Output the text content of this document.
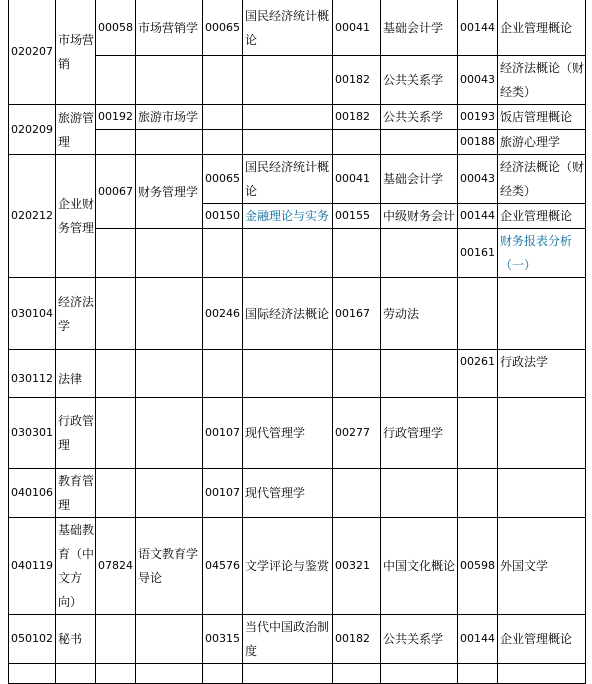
020207	市场营销	00058	市场营销学	00065	国民经济统计概论	00041	基础会计学	00144	企业管理概论
						00182	公共关系学	00043	经济法概论（财经类）
020209	旅游管理	00192	旅游市场学			00182	公共关系学	00193	饭店管理概论
								00188	旅游心理学
020212	企业财务管理	00067	财务管理学	00065	国民经济统计概论	00041	基础会计学	00043	经济法概论（财经类）
				00150	金融理论与实务	00155	中级财务会计	00144	企业管理概论
								00161	财务报表分析（一）
030104	经济法学			00246	国际经济法概论	00167	劳动法		
030112	法律							00261	行政法学
030301	行政管理			00107	现代管理学	00277	行政管理学		
040106	教育管理			00107	现代管理学				
040119	基础教育（中文方向）	07824	语文教育学导论	04576	文学评论与鉴赏	00321	中国文化概论	00598	外国文学
050102	秘书			00315	当代中国政治制度	00182	公共关系学	00144	企业管理概论
